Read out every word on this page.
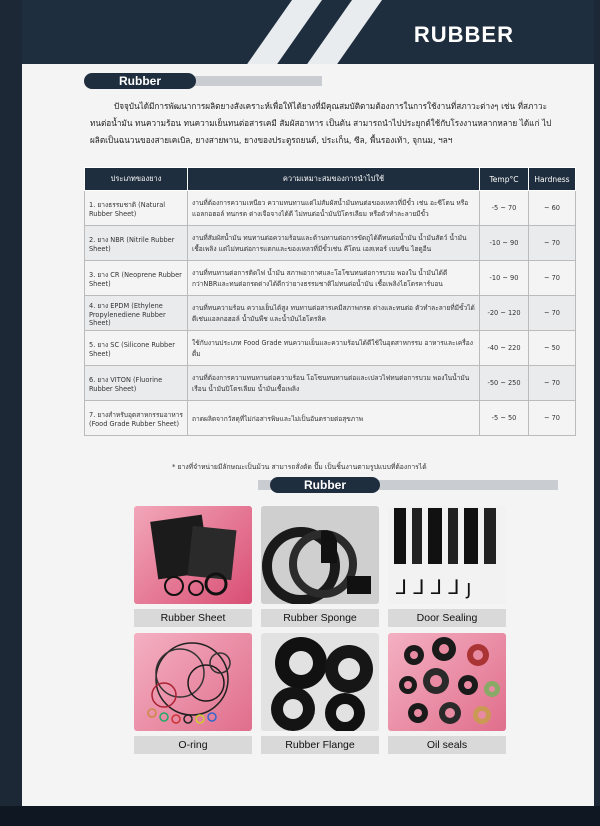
RUBBER
Rubber
ปัจจุบันได้มีการพัฒนาการผลิตยางสังเคราะห์เพื่อให้ได้ยางที่มีคุณสมบัติตามต้องการในการใช้งานที่สภาวะต่างๆ เช่น ที่สภาวะทนต่อน้ำมัน ทนความร้อน ทนความเย็นทนต่อสารเคมี สัมผัสอาหาร เป็นต้น สามารถนำไปประยุกต์ใช้กับโรงงานหลากหลาย ได้แก่ ไปผลิตเป็นฉนวนของสายเคเบิล, ยางสายพาน, ยางของประตูรถยนต์, ประเก็น, ซีล, พื้นรองเท้า, จุกนม, ฯลฯ
ประเภทของยาง	ความเหมาะสมของการนำไปใช้	Temp°C	Hardness
1. ยางธรรมชาติ (Natural Rubber Sheet)	งานที่ต้องการความเหนียว ความทนทานแต่ไม่สัมผัสน้ำมันทนต่อของเหลวที่มีขั้ว เช่น อะซีโตน หรือแอลกอฮอล์ ทนกรด ด่างเจือจางได้ดี ไม่ทนต่อน้ำมันปิโตรเลียม หรือตัวทำละลายมีขั้ว	-5 ~ 70	~ 60
2. ยาง NBR (Nitrile Rubber Sheet)	งานที่สัมผัสน้ำมัน ทนทานต่อความร้อนและต้านทานต่อการขัดถูได้ดีทนต่อน้ำมัน น้ำมันสัตว์ น้ำมันเชื้อเพลิง แต่ไม่ทนต่อการแตกและของเหลวที่มีขั้วเช่น คีโตน เอสเทอร์ เบนซีน ไฮดูอีน	-10 ~ 90	~ 70
3. ยาง CR (Neoprene Rubber Sheet)	งานที่ทนทานต่อการติดไฟ น้ำมัน สภาพอากาศและโอโซนทนต่อการบวม พองใน น้ำมันได้ดีกว่าNBRและทนต่อกรดด่างได้ดีกว่ายางธรรมชาติไม่ทนต่อน้ำมัน เชื้อเพลิงไฮโดรคาร์บอน	-10 ~ 90	~ 70
4. ยาง EPDM (Ethylene Propylenediene Rubber Sheet)	งานที่ทนความร้อน ความเย็นได้สูง ทนทานต่อสารเคมีสภาพกรด ด่างและทนต่อ ตัวทำละลายที่มีขั้วได้ดีเช่นแอลกอฮอล์ น้ำมันพืช และน้ำมันไฮโดรลิค	-20 ~ 120	~ 70
5. ยาง SC (Silicone Rubber Sheet)	ใช้กับงานประเภท Food Grade ทนความเย็นและความร้อนได้ดีใช้ในอุตสาหกรรม อาหารและเครื่องดื่ม	-40 ~ 220	~ 50
6. ยาง VITON (Fluorine Rubber Sheet)	งานที่ต้องการความทนทานต่อความร้อน โอโซนทนทานต่อและเปลวไฟทนต่อการบวม พองในน้ำมันเรือน น้ำมันปิโตรเลียม น้ำมันเชื้อเพลิง	-50 ~ 250	~ 70
7. ยางสำหรับอุตสาหกรรมอาหาร (Food Grade Rubber Sheet)	ถาดผลิตจากวัสดุที่ไม่ก่อสารพิษและไม่เป็นอันตรายต่อสุขภาพ	-5 ~ 50	~ 70
* ยางที่จำหน่ายมีลักษณะเป็นม้วน สามารถสั่งตัด ปั๊ม เป็นชิ้นงานตามรูปแบบที่ต้องการได้
Rubber
⅃ ⅃ ⅃ ⅃ ȷ
Rubber Sheet	Rubber Sponge	Door Sealing
O-ring	Rubber Flange	Oil seals
